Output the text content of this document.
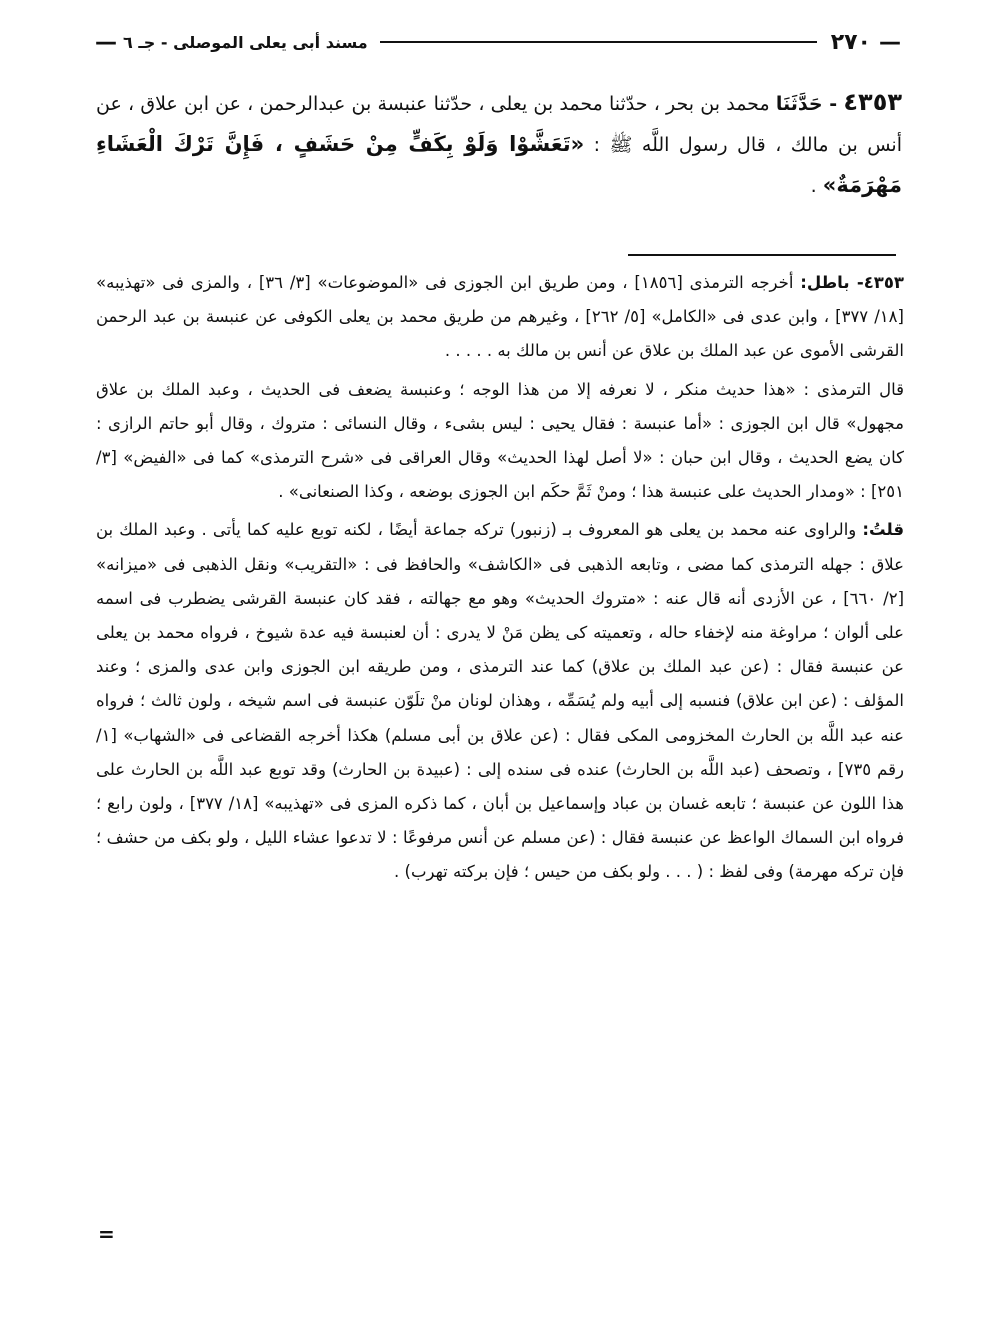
—
٢٧٠
مسند أبى يعلى الموصلى - جـ ٦
—

٤٣٥٣ - حَدَّثَنَا محمد بن بحر ، حدّثنا محمد بن يعلى ، حدّثنا عنبسة بن عبدالرحمن ، عن ابن علاق ، عن أنس بن مالك ، قال رسول اللَّه ﷺ : «تَعَشَّوْا وَلَوْ بِكَفٍّ مِنْ حَشَفٍ ، فَإِنَّ تَرْكَ الْعَشَاءِ مَهْرَمَةٌ» .

٤٣٥٣- باطل: أخرجه الترمذى [١٨٥٦] ، ومن طريق ابن الجوزى فى «الموضوعات» [٣/ ٣٦] ، والمزى فى «تهذيبه» [١٨/ ٣٧٧] ، وابن عدى فى «الكامل» [٥/ ٢٦٢] ، وغيرهم من طريق محمد بن يعلى الكوفى عن عنبسة بن عبد الرحمن القرشى الأموى عن عبد الملك بن علاق عن أنس بن مالك به . . . . .

قال الترمذى : «هذا حديث منكر ، لا نعرفه إلا من هذا الوجه ؛ وعنبسة يضعف فى الحديث ، وعبد الملك بن علاق مجهول» قال ابن الجوزى : «أما عنبسة : فقال يحيى : ليس بشىء ، وقال النسائى : متروك ، وقال أبو حاتم الرازى : كان يضع الحديث ، وقال ابن حبان : «لا أصل لهذا الحديث» وقال العراقى فى «شرح الترمذى» كما فى «الفيض» [٣/ ٢٥١] : «ومدار الحديث على عنبسة هذا ؛ ومنْ ثَمَّ حكَم ابن الجوزى بوضعه ، وكذا الصنعانى» .

قلتُ: والراوى عنه محمد بن يعلى هو المعروف بـ (زنبور) تركه جماعة أيضًا ، لكنه توبع عليه كما يأتى . وعبد الملك بن علاق : جهله الترمذى كما مضى ، وتابعه الذهبى فى «الكاشف» والحافظ فى : «التقريب» ونقل الذهبى فى «ميزانه» [٢/ ٦٦٠] ، عن الأزدى أنه قال عنه : «متروك الحديث» وهو مع جهالته ، فقد كان عنبسة القرشى يضطرب فى اسمه على ألوان ؛ مراوغة منه لإخفاء حاله ، وتعميته كى يظن مَنْ لا يدرى : أن لعنبسة فيه عدة شيوخ ، فرواه محمد بن يعلى عن عنبسة فقال : (عن عبد الملك بن علاق) كما عند الترمذى ، ومن طريقه ابن الجوزى وابن عدى والمزى ؛ وعند المؤلف : (عن ابن علاق) فنسبه إلى أبيه ولم يُسَمِّه ، وهذان لونان منْ تلَوّن عنبسة فى اسم شيخه ، ولون ثالث ؛ فرواه عنه عبد اللَّه بن الحارث المخزومى المكى فقال : (عن علاق بن أبى مسلم) هكذا أخرجه القضاعى فى «الشهاب» [١/ رقم ٧٣٥] ، وتصحف (عبد اللَّه بن الحارث) عنده فى سنده إلى : (عبيدة بن الحارث) وقد توبع عبد اللَّه بن الحارث على هذا اللون عن عنبسة ؛ تابعه غسان بن عباد وإسماعيل بن أبان ، كما ذكره المزى فى «تهذيبه» [١٨/ ٣٧٧] ، ولون رابع ؛ فرواه ابن السماك الواعظ عن عنبسة فقال : (عن مسلم عن أنس مرفوعًا : لا تدعوا عشاء الليل ، ولو بكف من حشف ؛ فإن تركه مهرمة) وفى لفظ : ( . . . ولو بكف من حيس ؛ فإن بركته تهرب) .

=
